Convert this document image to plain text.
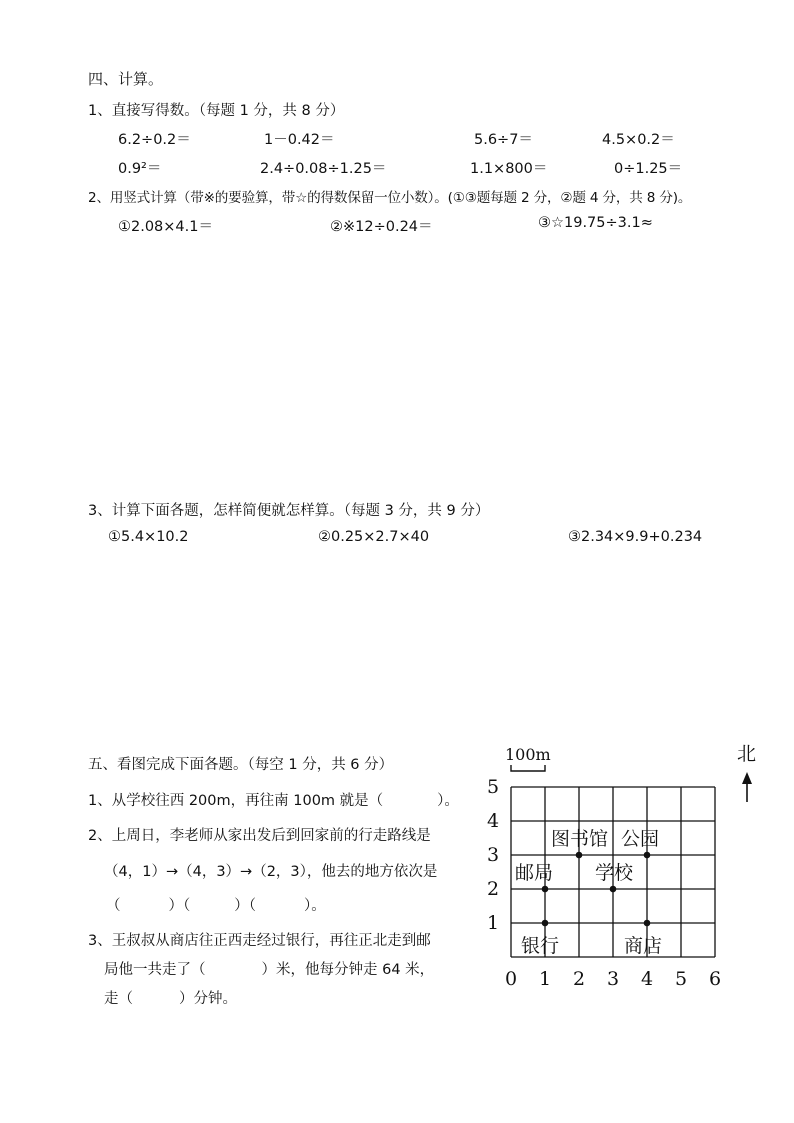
四、计算。
1、直接写得数。（每题 1 分，共 8 分）
6.2÷0.2＝	1－0.42＝	5.6÷7＝	4.5×0.2＝
0.9²＝	2.4÷0.08÷1.25＝	1.1×800＝	0÷1.25＝
2、用竖式计算（带※的要验算，带☆的得数保留一位小数）。(①③题每题 2 分，②题 4 分，共 8 分)。
①2.08×4.1＝	②※12÷0.24＝	③☆19.75÷3.1≈
3、计算下面各题，怎样简便就怎样算。（每题 3 分，共 9 分）
①5.4×10.2	②0.25×2.7×40	③2.34×9.9+0.234
五、看图完成下面各题。（每空 1 分，共 6 分）
1、从学校往西 200m，再往南 100m 就是（	）。
2、上周日，李老师从家出发后到回家前的行走路线是
（4，1）→（4，3）→（2，3），他去的地方依次是
（	）（	）（	）。
3、王叔叔从商店往正西走经过银行，再往正北走到邮
局他一共走了（	）米，他每分钟走 64 米，
走（	）分钟。
100m	北
图书馆 公园
邮局 学校
银行	商店
0 1 2 3 4 5 6
1
2
3
4
5
